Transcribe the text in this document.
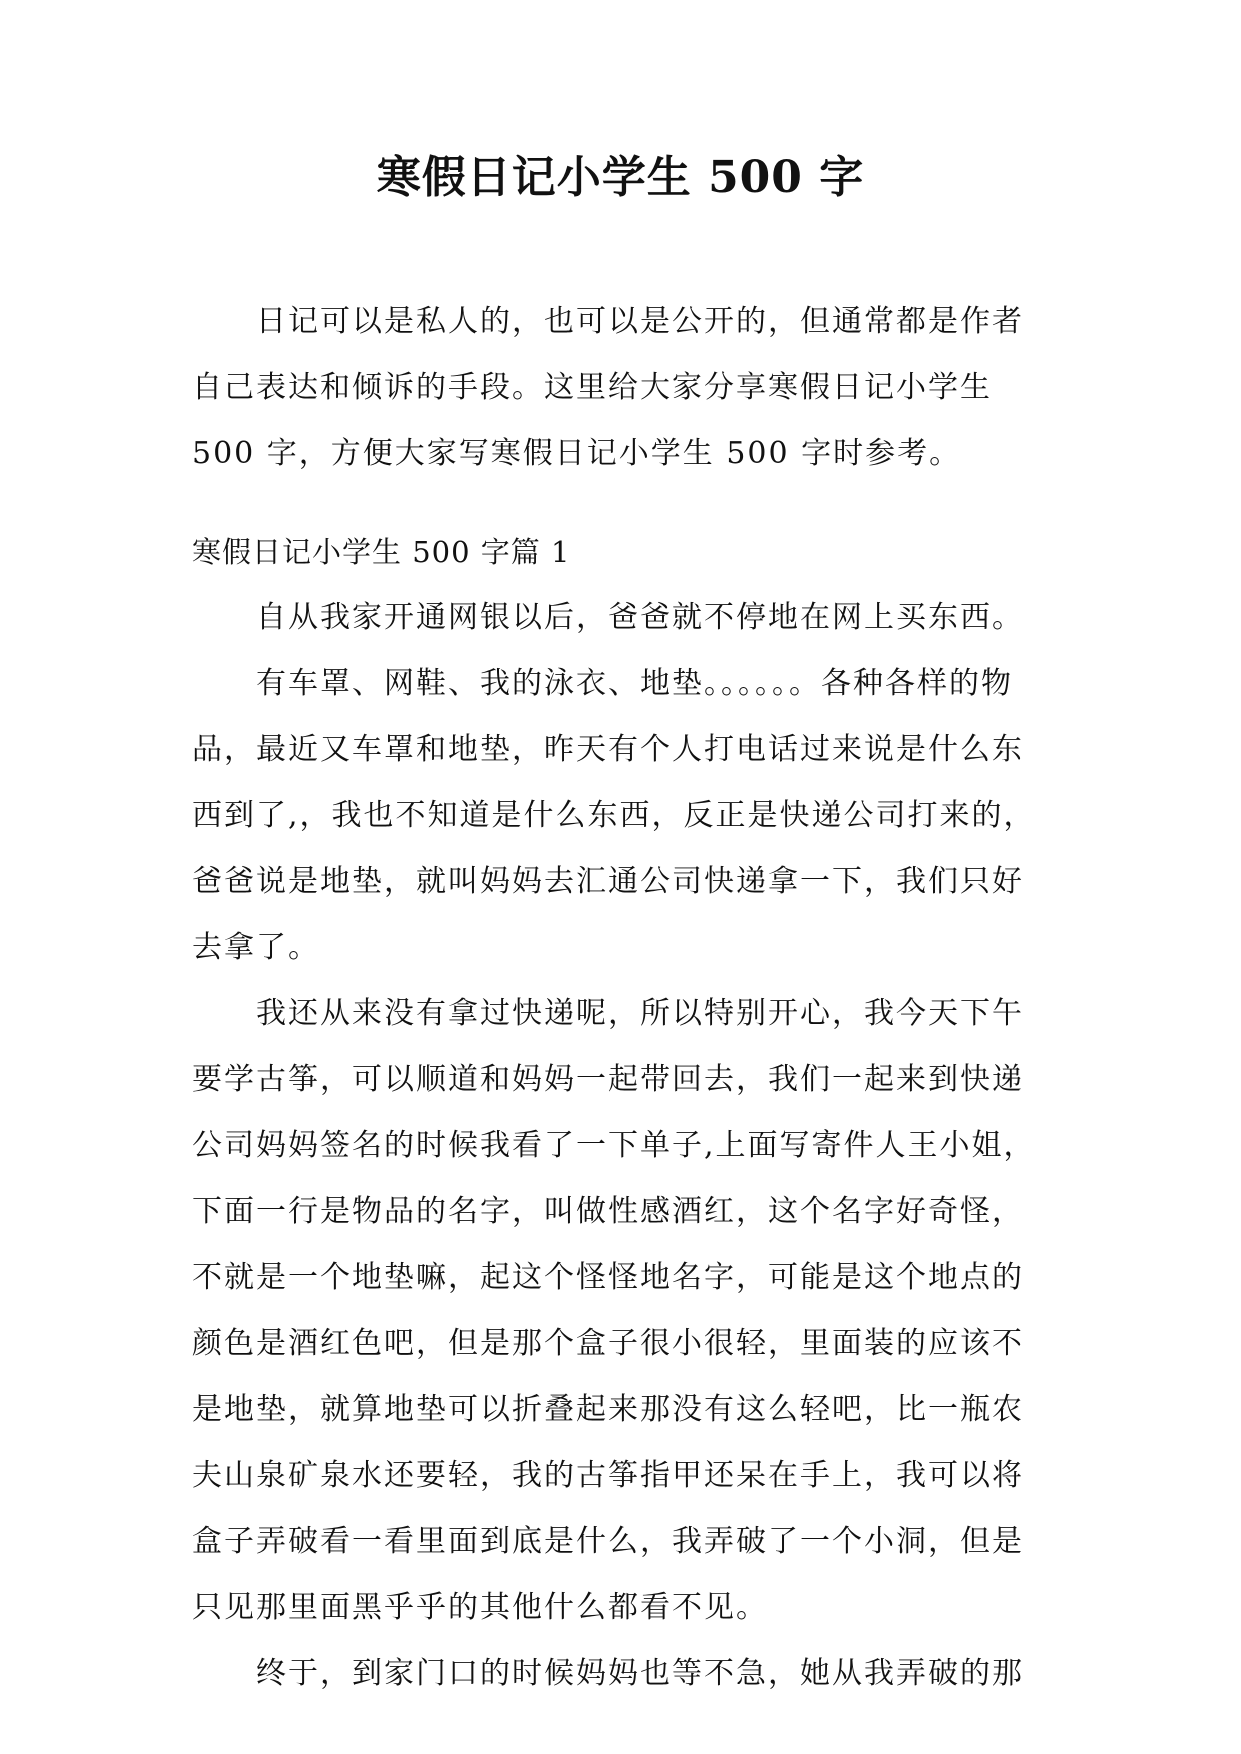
寒假日记小学生 500 字
日记可以是私人的，也可以是公开的，但通常都是作者
自己表达和倾诉的手段。这里给大家分享寒假日记小学生
500 字，方便大家写寒假日记小学生 500 字时参考。
寒假日记小学生 500 字篇 1
自从我家开通网银以后，爸爸就不停地在网上买东西。
有车罩、网鞋、我的泳衣、地垫。。。。。。各种各样的物
品，最近又车罩和地垫，昨天有个人打电话过来说是什么东
西到了,，我也不知道是什么东西，反正是快递公司打来的，
爸爸说是地垫，就叫妈妈去汇通公司快递拿一下，我们只好
去拿了。
我还从来没有拿过快递呢，所以特别开心，我今天下午
要学古筝，可以顺道和妈妈一起带回去，我们一起来到快递
公司妈妈签名的时候我看了一下单子,上面写寄件人王小姐，
下面一行是物品的名字，叫做性感酒红，这个名字好奇怪，
不就是一个地垫嘛，起这个怪怪地名字，可能是这个地点的
颜色是酒红色吧，但是那个盒子很小很轻，里面装的应该不
是地垫，就算地垫可以折叠起来那没有这么轻吧，比一瓶农
夫山泉矿泉水还要轻，我的古筝指甲还呆在手上，我可以将
盒子弄破看一看里面到底是什么，我弄破了一个小洞，但是
只见那里面黑乎乎的其他什么都看不见。
终于，到家门口的时候妈妈也等不急，她从我弄破的那
